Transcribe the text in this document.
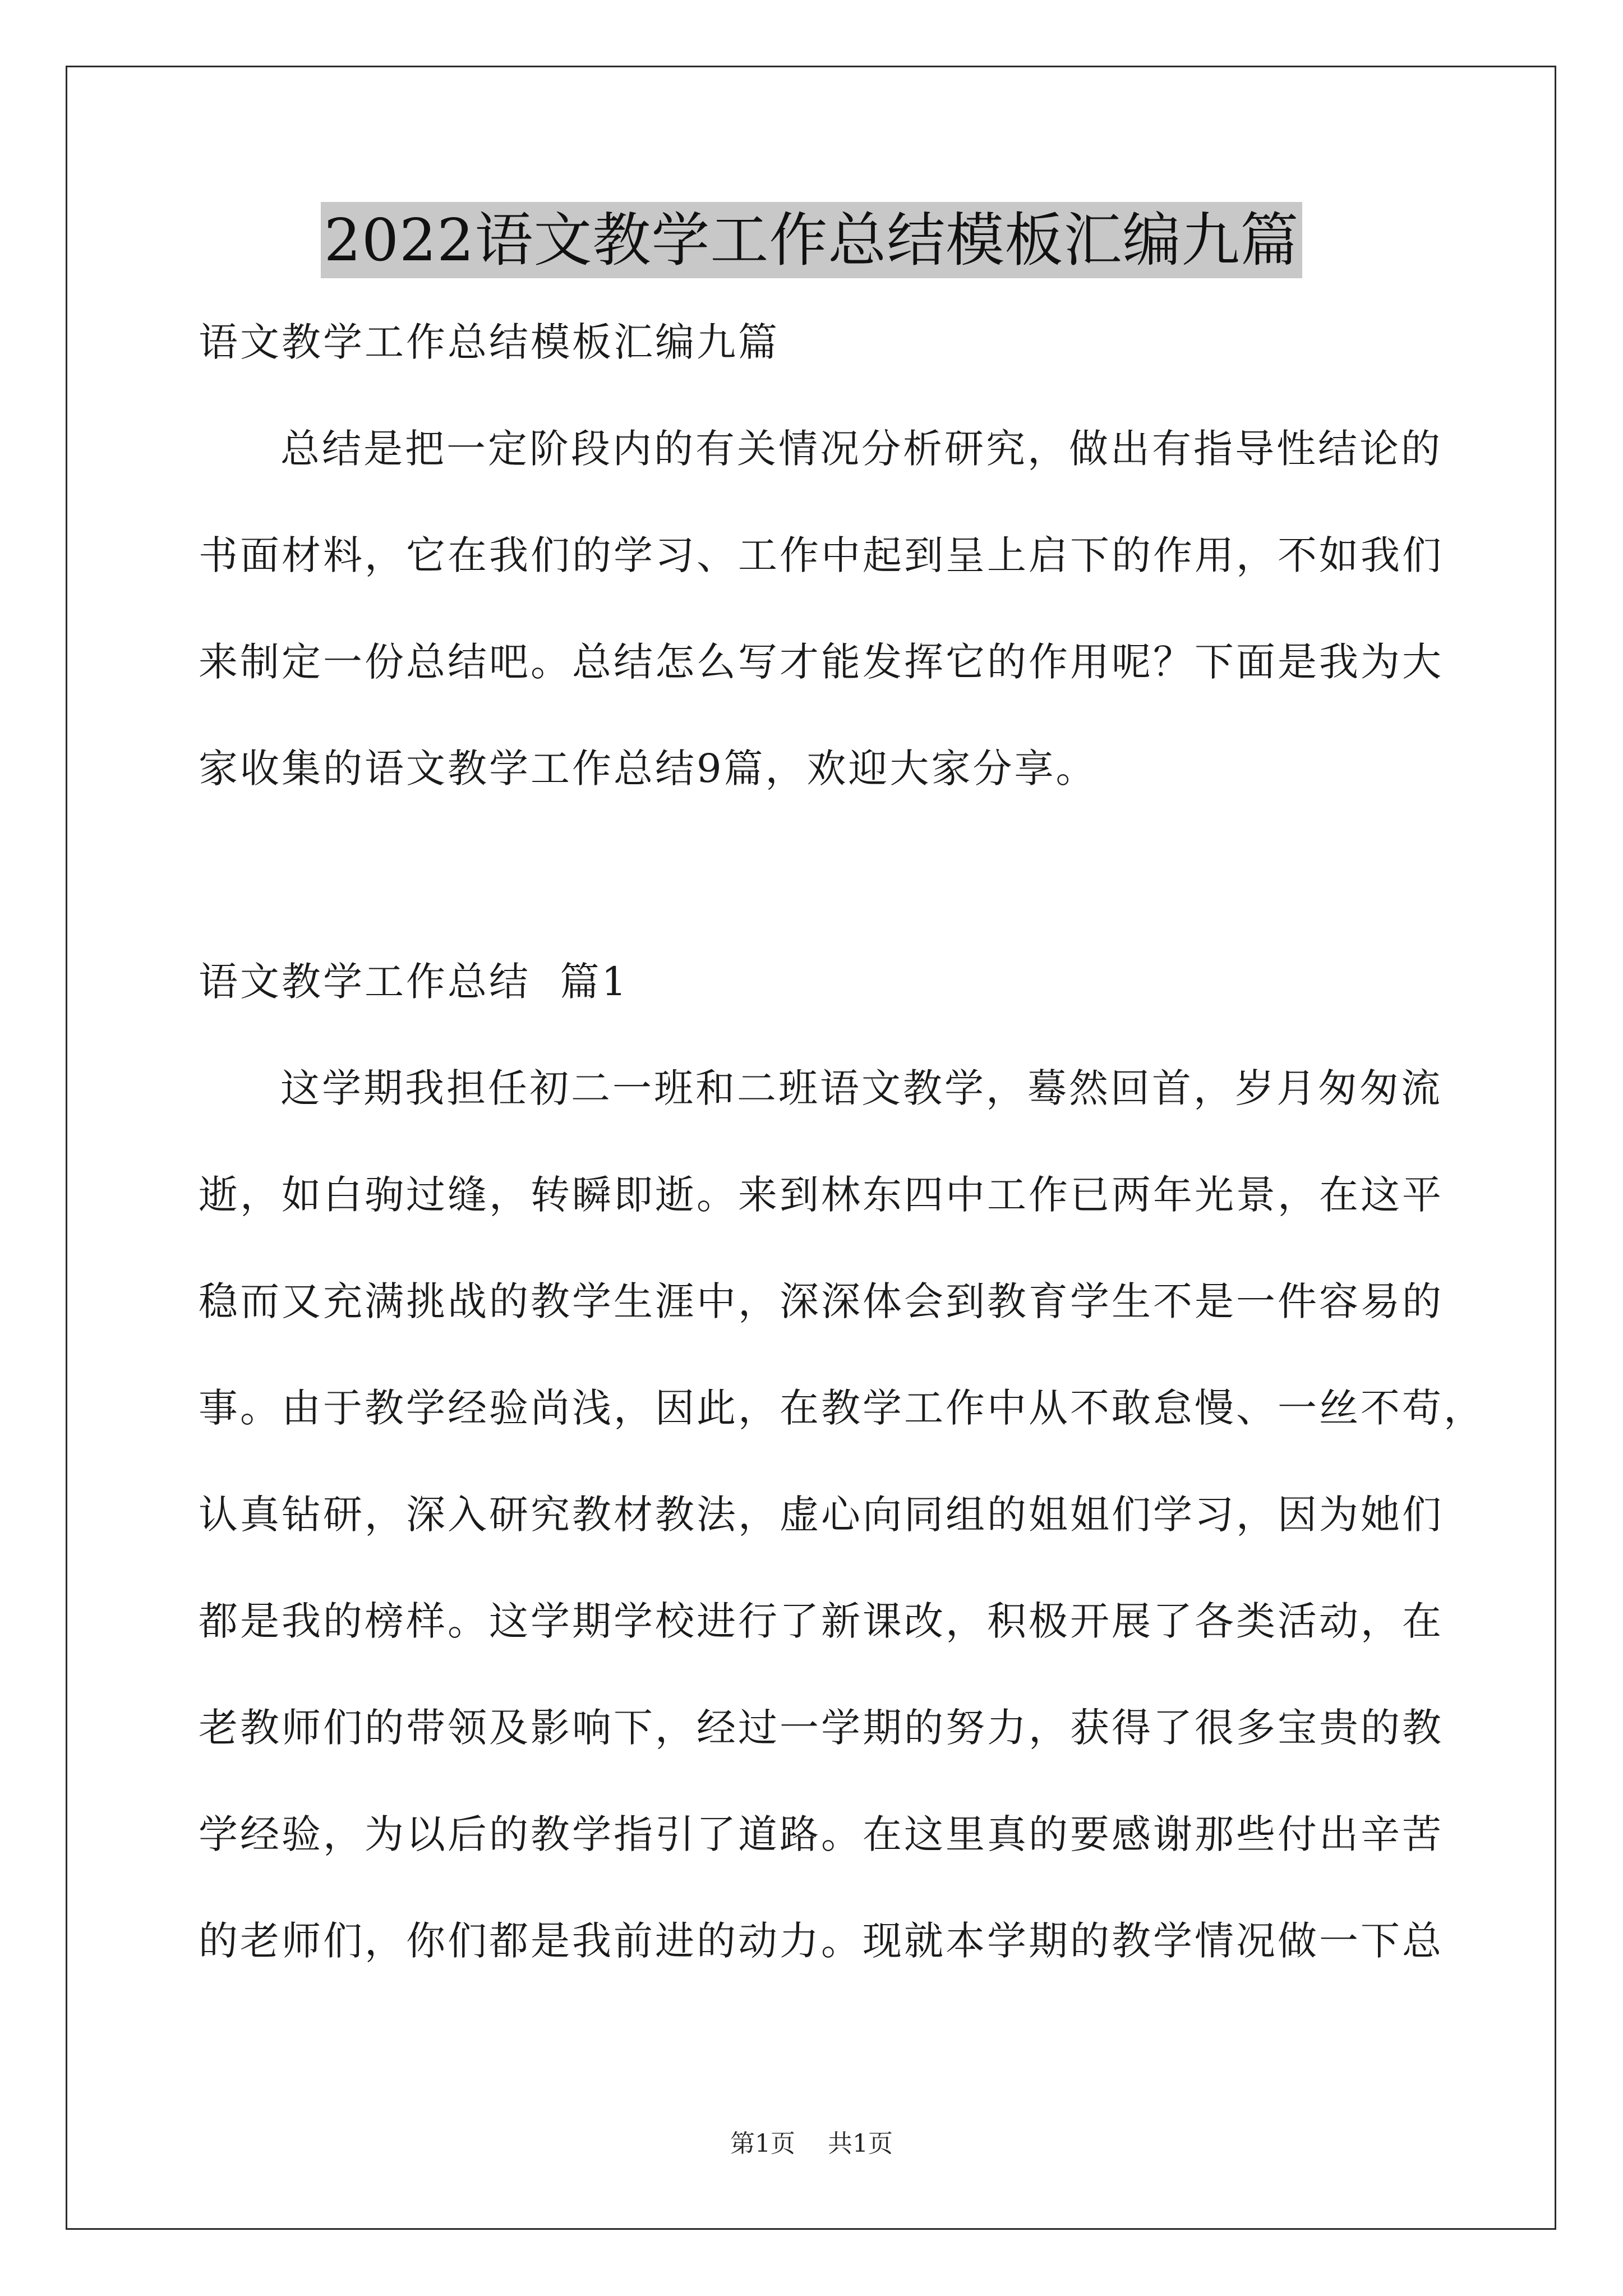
2022语文教学工作总结模板汇编九篇
语文教学工作总结模板汇编九篇
总结是把一定阶段内的有关情况分析研究，做出有指导性结论的
书面材料，它在我们的学习、工作中起到呈上启下的作用，不如我们
来制定一份总结吧。总结怎么写才能发挥它的作用呢？下面是我为大
家收集的语文教学工作总结9篇，欢迎大家分享。
语文教学工作总结  篇1
这学期我担任初二一班和二班语文教学，蓦然回首，岁月匆匆流
逝，如白驹过缝，转瞬即逝。来到林东四中工作已两年光景，在这平
稳而又充满挑战的教学生涯中，深深体会到教育学生不是一件容易的
事。由于教学经验尚浅，因此，在教学工作中从不敢怠慢、一丝不苟，
认真钻研，深入研究教材教法，虚心向同组的姐姐们学习，因为她们
都是我的榜样。这学期学校进行了新课改，积极开展了各类活动，在
老教师们的带领及影响下，经过一学期的努力，获得了很多宝贵的教
学经验，为以后的教学指引了道路。在这里真的要感谢那些付出辛苦
的老师们，你们都是我前进的动力。现就本学期的教学情况做一下总
第1页 共1页
